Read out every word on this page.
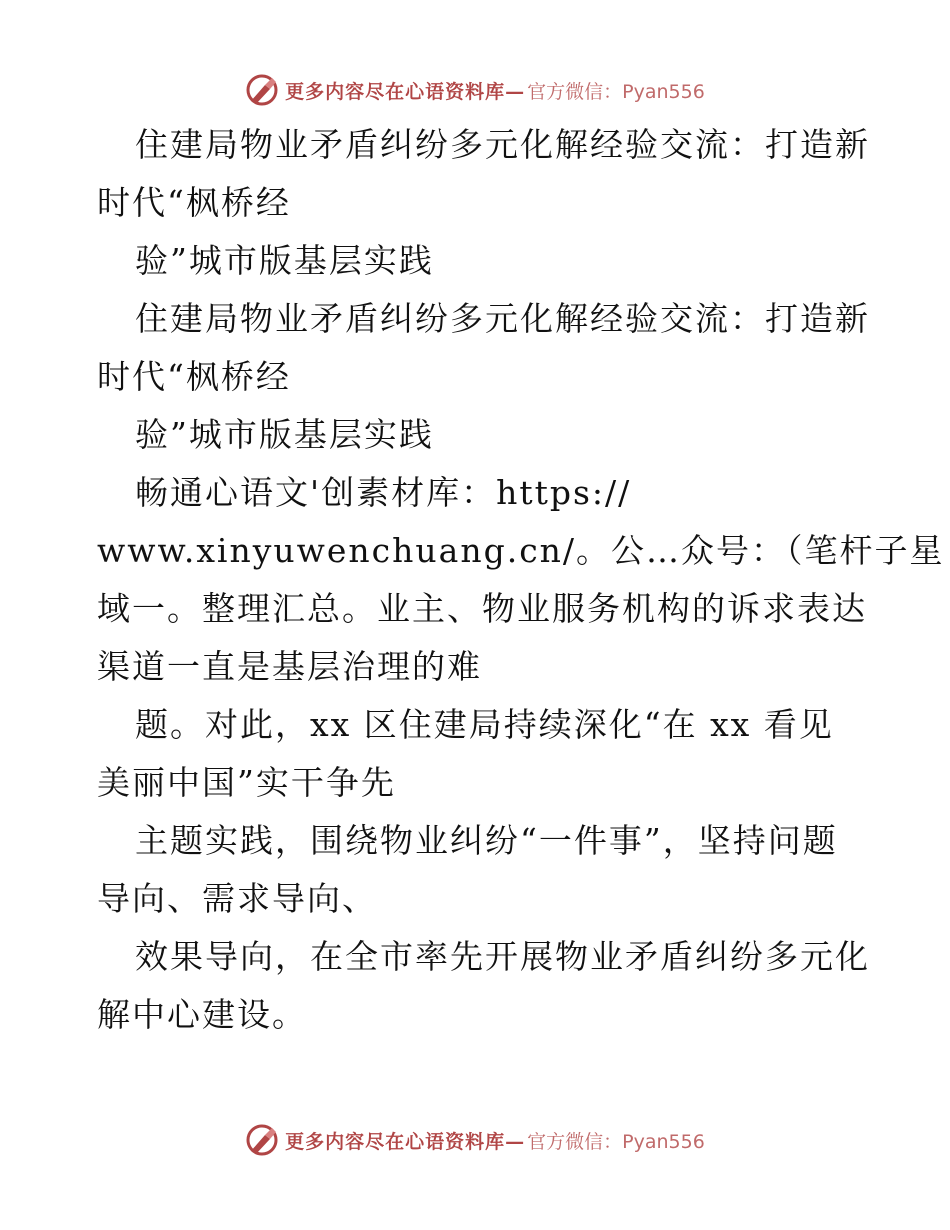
更多内容尽在心语资料库— 官方微信：Pyan556
住建局物业矛盾纠纷多元化解经验交流：打造新
时代“枫桥经
验”城市版基层实践
住建局物业矛盾纠纷多元化解经验交流：打造新
时代“枫桥经
验”城市版基层实践
畅通心语文'创素材库：https://
www.xinyuwenchuang.cn/。公…众号：（笔杆子星
域一。整理汇总。业主、物业服务机构的诉求表达
渠道一直是基层治理的难
题。对此，xx 区住建局持续深化“在 xx 看见
美丽中国”实干争先
主题实践，围绕物业纠纷“一件事”，坚持问题
导向、需求导向、
效果导向，在全市率先开展物业矛盾纠纷多元化
解中心建设。
更多内容尽在心语资料库— 官方微信：Pyan556
